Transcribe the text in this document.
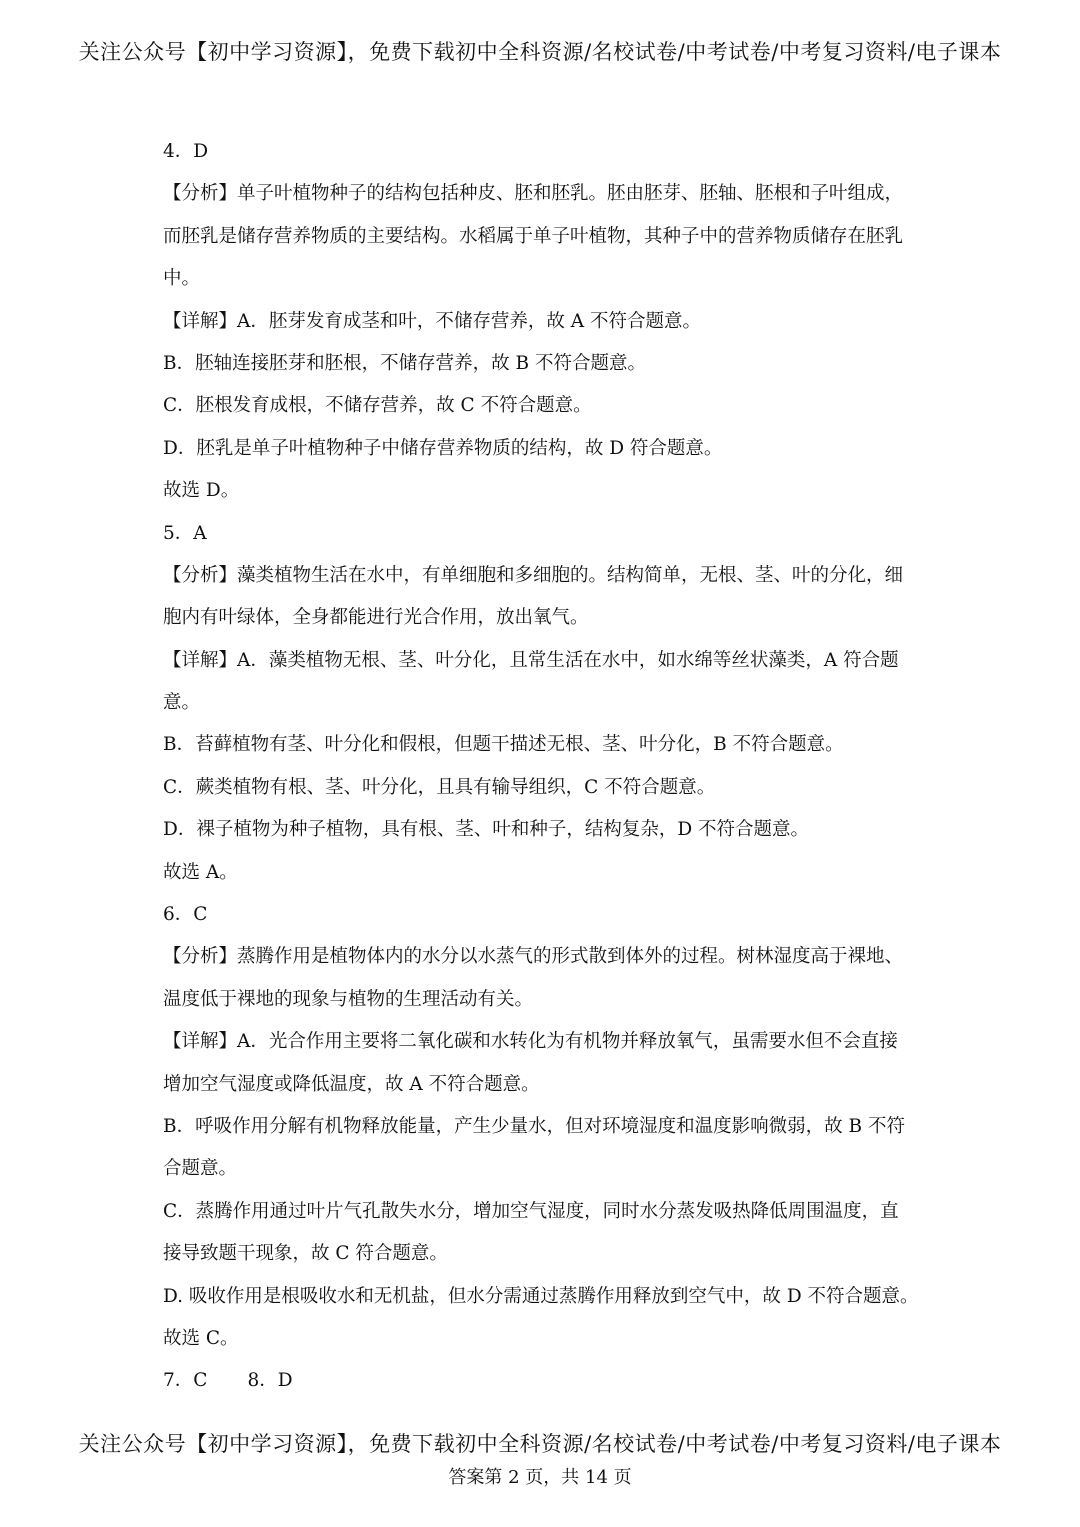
关注公众号【初中学习资源】，免费下载初中全科资源/名校试卷/中考试卷/中考复习资料/电子课本
4．D
【分析】单子叶植物种子的结构包括种皮、胚和胚乳。胚由胚芽、胚轴、胚根和子叶组成，
而胚乳是储存营养物质的主要结构。水稻属于单子叶植物，其种子中的营养物质储存在胚乳
中。
【详解】A．胚芽发育成茎和叶，不储存营养，故 A 不符合题意。
B．胚轴连接胚芽和胚根，不储存营养，故 B 不符合题意。
C．胚根发育成根，不储存营养，故 C 不符合题意。
D．胚乳是单子叶植物种子中储存营养物质的结构，故 D 符合题意。
故选 D。
5．A
【分析】藻类植物生活在水中，有单细胞和多细胞的。结构简单，无根、茎、叶的分化，细
胞内有叶绿体，全身都能进行光合作用，放出氧气。
【详解】A．藻类植物无根、茎、叶分化，且常生活在水中，如水绵等丝状藻类，A 符合题
意。
B．苔藓植物有茎、叶分化和假根，但题干描述无根、茎、叶分化，B 不符合题意。
C．蕨类植物有根、茎、叶分化，且具有输导组织，C 不符合题意。
D．裸子植物为种子植物，具有根、茎、叶和种子，结构复杂，D 不符合题意。
故选 A。
6．C
【分析】蒸腾作用是植物体内的水分以水蒸气的形式散到体外的过程。树林湿度高于裸地、
温度低于裸地的现象与植物的生理活动有关。
【详解】A．光合作用主要将二氧化碳和水转化为有机物并释放氧气，虽需要水但不会直接
增加空气湿度或降低温度，故 A 不符合题意。
B．呼吸作用分解有机物释放能量，产生少量水，但对环境湿度和温度影响微弱，故 B 不符
合题意。
C．蒸腾作用通过叶片气孔散失水分，增加空气湿度，同时水分蒸发吸热降低周围温度，直
接导致题干现象，故 C 符合题意。
D. 吸收作用是根吸收水和无机盐，但水分需通过蒸腾作用释放到空气中，故 D 不符合题意。
故选 C。
7．C 8．D
关注公众号【初中学习资源】，免费下载初中全科资源/名校试卷/中考试卷/中考复习资料/电子课本
答案第 2 页，共 14 页
